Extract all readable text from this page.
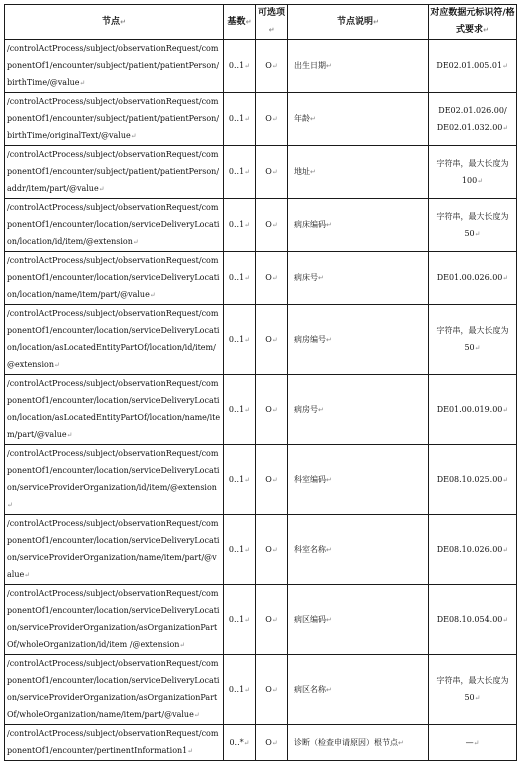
节点↵	基数↵	可选项↵	节点说明↵	对应数据元标识符/格式要求↵
/controlActProcess/subject/observationRequest/componentOf1/encounter/subject/patient/patientPerson/birthTime/@value↵	0..1↵	O↵	出生日期↵	DE02.01.005.01↵
/controlActProcess/subject/observationRequest/componentOf1/encounter/subject/patient/patientPerson/birthTime/originalText/@value↵	0..1↵	O↵	年龄↵	DE02.01.026.00/ DE02.01.032.00↵
/controlActProcess/subject/observationRequest/componentOf1/encounter/subject/patient/patientPerson/addr/item/part/@value↵	0..1↵	O↵	地址↵	字符串，最大长度为 100↵
/controlActProcess/subject/observationRequest/componentOf1/encounter/location/serviceDeliveryLocation/location/id/item/@extension↵	0..1↵	O↵	病床编码↵	字符串，最大长度为 50↵
/controlActProcess/subject/observationRequest/componentOf1/encounter/location/serviceDeliveryLocation/location/name/item/part/@value↵	0..1↵	O↵	病床号↵	DE01.00.026.00↵
/controlActProcess/subject/observationRequest/componentOf1/encounter/location/serviceDeliveryLocation/location/asLocatedEntityPartOf/location/id/item/@extension↵	0..1↵	O↵	病房编号↵	字符串，最大长度为 50↵
/controlActProcess/subject/observationRequest/componentOf1/encounter/location/serviceDeliveryLocation/location/asLocatedEntityPartOf/location/name/item/part/@value↵	0..1↵	O↵	病房号↵	DE01.00.019.00↵
/controlActProcess/subject/observationRequest/componentOf1/encounter/location/serviceDeliveryLocation/serviceProviderOrganization/id/item/@extension↵	0..1↵	O↵	科室编码↵	DE08.10.025.00↵
/controlActProcess/subject/observationRequest/componentOf1/encounter/location/serviceDeliveryLocation/serviceProviderOrganization/name/item/part/@value↵	0..1↵	O↵	科室名称↵	DE08.10.026.00↵
/controlActProcess/subject/observationRequest/componentOf1/encounter/location/serviceDeliveryLocation/serviceProviderOrganization/asOrganizationPartOf/wholeOrganization/id/item /@extension↵	0..1↵	O↵	病区编码↵	DE08.10.054.00↵
/controlActProcess/subject/observationRequest/componentOf1/encounter/location/serviceDeliveryLocation/serviceProviderOrganization/asOrganizationPartOf/wholeOrganization/name/item/part/@value↵	0..1↵	O↵	病区名称↵	字符串，最大长度为 50↵
/controlActProcess/subject/observationRequest/componentOf1/encounter/pertinentInformation1↵	0..*↵	O↵	诊断（检查申请原因）根节点↵	—↵
